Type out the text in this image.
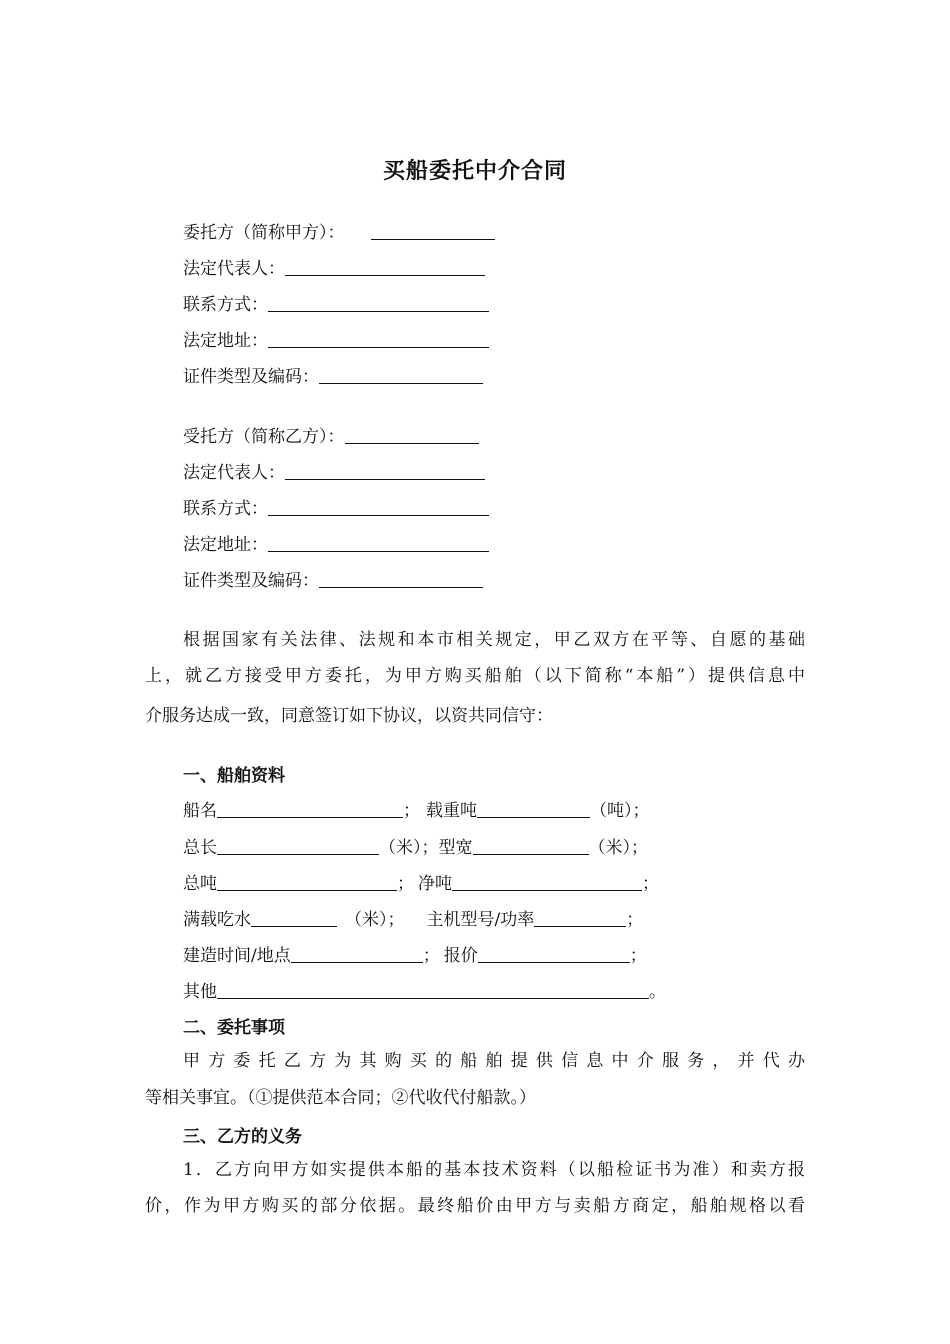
买船委托中介合同
委托方（简称甲方）：
法定代表人：
联系方式：
法定地址：
证件类型及编码：
受托方（简称乙方）：
法定代表人：
联系方式：
法定地址：
证件类型及编码：
根据国家有关法律、法规和本市相关规定，甲乙双方在平等、自愿的基础
上，就乙方接受甲方委托，为甲方购买船舶（以下简称“本船”）提供信息中
介服务达成一致，同意签订如下协议，以资共同信守：
一、船舶资料
船名	； 载重吨	（吨）；
总长	（米）；型宽	（米）；
总吨	； 净吨	；
满载吃水	（米）； 主机型号/功率	；
建造时间/地点	； 报价	；
其他	。
二、委托事项
甲方委托乙方为其购买的船舶提供信息中介服务，并代办
等相关事宜。（①提供范本合同；②代收代付船款。）
三、乙方的义务
1．乙方向甲方如实提供本船的基本技术资料（以船检证书为准）和卖方报
价，作为甲方购买的部分依据。最终船价由甲方与卖船方商定，船舶规格以看
